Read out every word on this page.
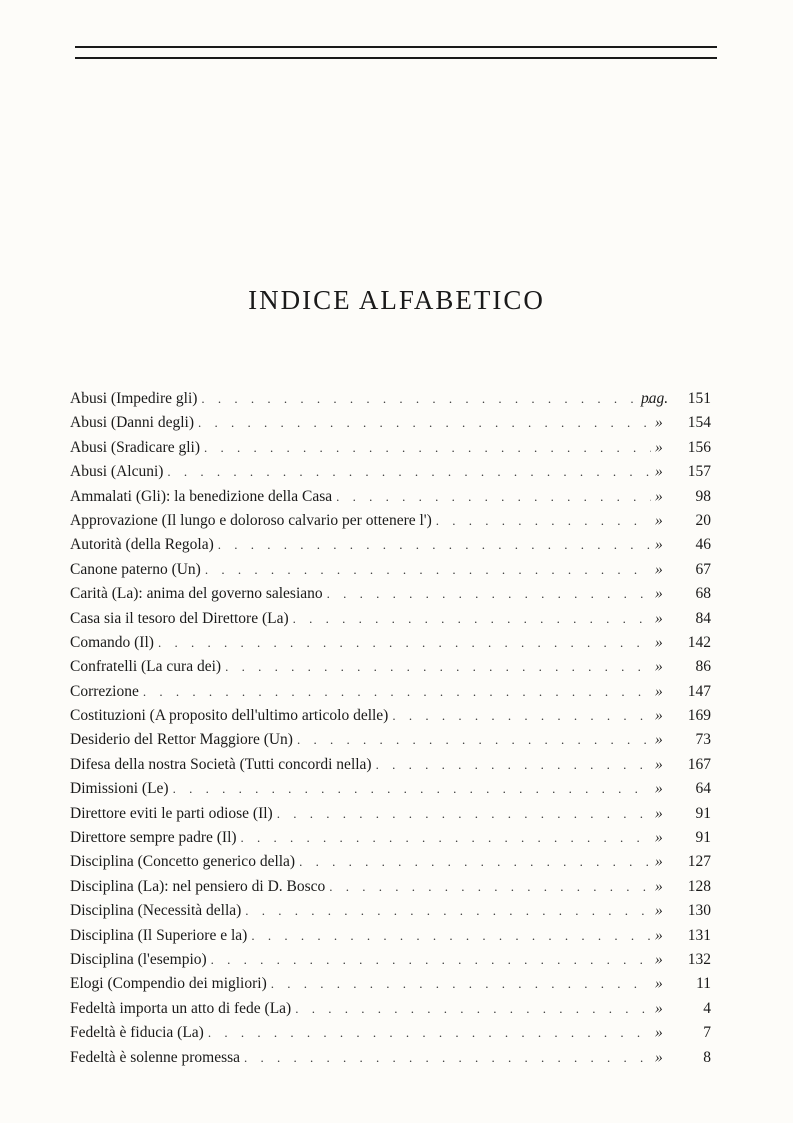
INDICE ALFABETICO
Abusi (Impedire gli) . . .	pag. 151
Abusi (Danni degli) . . .	» 154
Abusi (Sradicare gli) . . .	» 156
Abusi (Alcuni) . . .	» 157
Ammalati (Gli): la benedizione della Casa . . .	» 98
Approvazione (Il lungo e doloroso calvario per ottenere l') . . .	» 20
Autorità (della Regola) . . .	» 46
Canone paterno (Un) . . .	» 67
Carità (La): anima del governo salesiano . . .	» 68
Casa sia il tesoro del Direttore (La) . . .	» 84
Comando (Il) . . .	» 142
Confratelli (La cura dei) . . .	» 86
Correzione . . .	» 147
Costituzioni (A proposito dell'ultimo articolo delle) . . .	» 169
Desiderio del Rettor Maggiore (Un) . . .	» 73
Difesa della nostra Società (Tutti concordi nella) . . .	» 167
Dimissioni (Le) . . .	» 64
Direttore eviti le parti odiose (Il) . . .	» 91
Direttore sempre padre (Il) . . .	» 91
Disciplina (Concetto generico della) . . .	» 127
Disciplina (La): nel pensiero di D. Bosco . . .	» 128
Disciplina (Necessità della) . . .	» 130
Disciplina (Il Superiore e la) . . .	» 131
Disciplina (l'esempio) . . .	» 132
Elogi (Compendio dei migliori) . . .	» 11
Fedeltà importa un atto di fede (La) . . .	»	4
Fedeltà è fiducia (La) . . .	»	7
Fedeltà è solenne promessa . . .	»	8
